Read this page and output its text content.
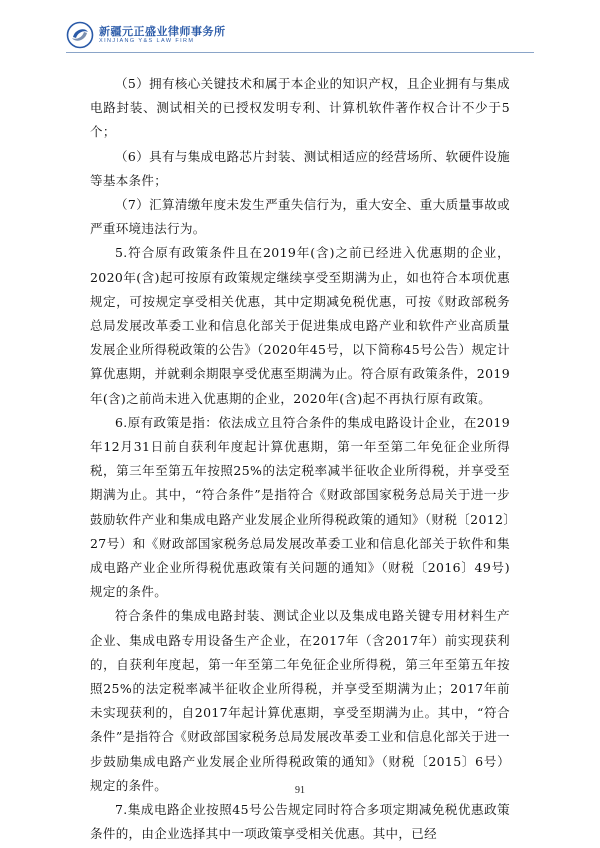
新疆元正盛业律师事务所
XINJIANG Y&S LAW FIRM

（5）拥有核心关键技术和属于本企业的知识产权，且企业拥有与集成电路封装、测试相关的已授权发明专利、计算机软件著作权合计不少于5个；

（6）具有与集成电路芯片封装、测试相适应的经营场所、软硬件设施等基本条件；

（7）汇算清缴年度未发生严重失信行为，重大安全、重大质量事故或严重环境违法行为。

5.符合原有政策条件且在2019年(含)之前已经进入优惠期的企业，2020年(含)起可按原有政策规定继续享受至期满为止，如也符合本项优惠规定，可按规定享受相关优惠，其中定期减免税优惠，可按《财政部税务总局发展改革委工业和信息化部关于促进集成电路产业和软件产业高质量发展企业所得税政策的公告》（2020年45号，以下简称45号公告）规定计算优惠期，并就剩余期限享受优惠至期满为止。符合原有政策条件，2019年(含)之前尚未进入优惠期的企业，2020年(含)起不再执行原有政策。

6.原有政策是指：依法成立且符合条件的集成电路设计企业，在2019年12月31日前自获利年度起计算优惠期，第一年至第二年免征企业所得税，第三年至第五年按照25%的法定税率减半征收企业所得税，并享受至期满为止。其中，“符合条件”是指符合《财政部国家税务总局关于进一步鼓励软件产业和集成电路产业发展企业所得税政策的通知》（财税〔2012〕27号）和《财政部国家税务总局发展改革委工业和信息化部关于软件和集成电路产业企业所得税优惠政策有关问题的通知》（财税〔2016〕49号)规定的条件。

符合条件的集成电路封装、测试企业以及集成电路关键专用材料生产企业、集成电路专用设备生产企业，在2017年（含2017年）前实现获利的，自获利年度起，第一年至第二年免征企业所得税，第三年至第五年按照25%的法定税率减半征收企业所得税，并享受至期满为止；2017年前未实现获利的，自2017年起计算优惠期，享受至期满为止。其中，“符合条件”是指符合《财政部国家税务总局发展改革委工业和信息化部关于进一步鼓励集成电路产业发展企业所得税政策的通知》（财税〔2015〕6号）规定的条件。

7.集成电路企业按照45号公告规定同时符合多项定期减免税优惠政策条件的，由企业选择其中一项政策享受相关优惠。其中，已经

91
